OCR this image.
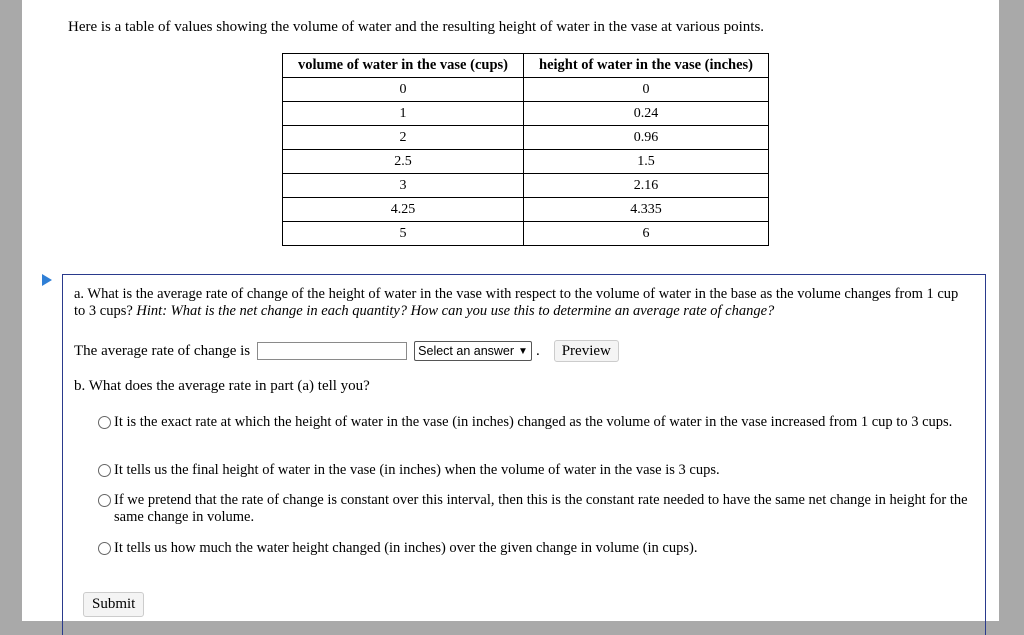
Here is a table of values showing the volume of water and the resulting height of water in the vase at various points.
volume of water in the vase (cups)	height of water in the vase (inches)
0	0
1	0.24
2	0.96
2.5	1.5
3	2.16
4.25	4.335
5	6
a. What is the average rate of change of the height of water in the vase with respect to the volume of water in the base as the volume changes from 1 cup to 3 cups? Hint: What is the net change in each quantity? How can you use this to determine an average rate of change?
The average rate of change is	Select an answer ▼ .	Preview
b. What does the average rate in part (a) tell you?
It is the exact rate at which the height of water in the vase (in inches) changed as the volume of water in the vase increased from 1 cup to 3 cups.
It tells us the final height of water in the vase (in inches) when the volume of water in the vase is 3 cups.
If we pretend that the rate of change is constant over this interval, then this is the constant rate needed to have the same net change in height for the same change in volume.
It tells us how much the water height changed (in inches) over the given change in volume (in cups).
Submit
